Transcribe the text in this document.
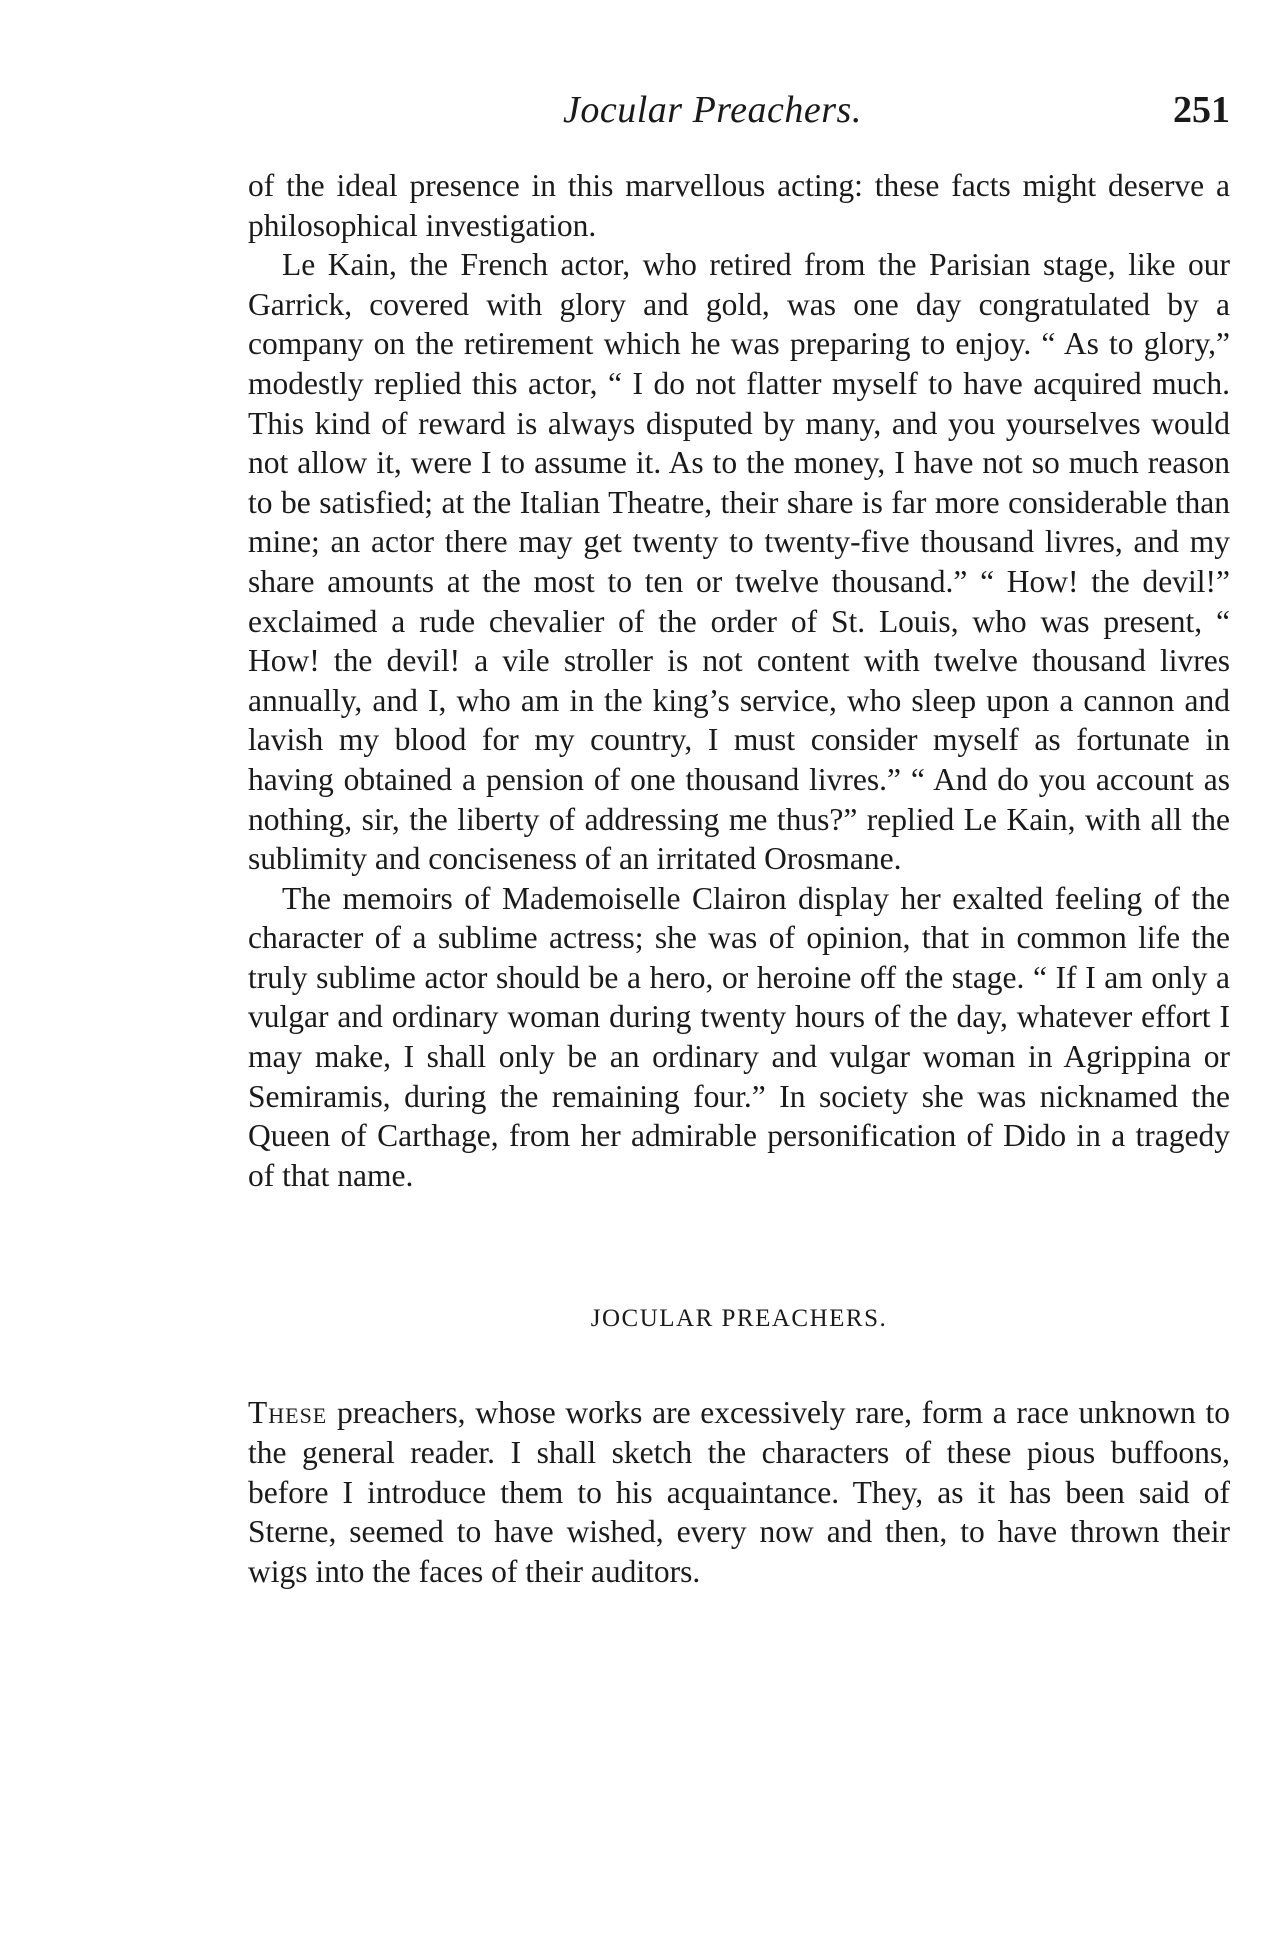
Jocular Preachers.	251

of the ideal presence in this marvellous acting: these facts might deserve a philosophical investigation.

Le Kain, the French actor, who retired from the Parisian stage, like our Garrick, covered with glory and gold, was one day congratulated by a company on the retirement which he was preparing to enjoy. “ As to glory,” modestly replied this actor, “ I do not flatter myself to have acquired much. This kind of reward is always disputed by many, and you yourselves would not allow it, were I to assume it. As to the money, I have not so much reason to be satisfied; at the Italian Theatre, their share is far more considerable than mine; an actor there may get twenty to twenty-five thousand livres, and my share amounts at the most to ten or twelve thousand.” “ How! the devil!” exclaimed a rude chevalier of the order of St. Louis, who was present, “ How! the devil! a vile stroller is not content with twelve thousand livres annually, and I, who am in the king’s service, who sleep upon a cannon and lavish my blood for my country, I must consider myself as fortunate in having obtained a pension of one thousand livres.” “ And do you account as nothing, sir, the liberty of addressing me thus?” replied Le Kain, with all the sublimity and conciseness of an irritated Orosmane.

The memoirs of Mademoiselle Clairon display her exalted feeling of the character of a sublime actress; she was of opinion, that in common life the truly sublime actor should be a hero, or heroine off the stage. “ If I am only a vulgar and ordinary woman during twenty hours of the day, whatever effort I may make, I shall only be an ordinary and vulgar woman in Agrippina or Semiramis, during the remaining four.” In society she was nicknamed the Queen of Carthage, from her admirable personification of Dido in a tragedy of that name.

JOCULAR PREACHERS.

These preachers, whose works are excessively rare, form a race unknown to the general reader. I shall sketch the characters of these pious buffoons, before I introduce them to his acquaintance. They, as it has been said of Sterne, seemed to have wished, every now and then, to have thrown their wigs into the faces of their auditors.
